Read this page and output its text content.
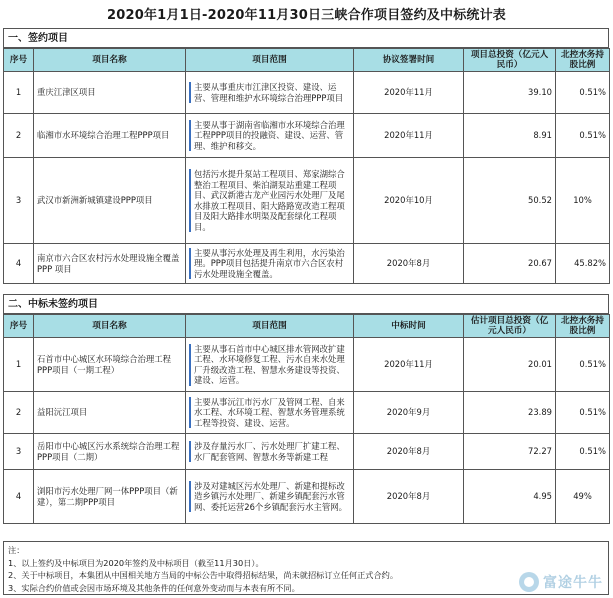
2020年1月1日-2020年11月30日三峡合作项目签约及中标统计表
一、签约项目
序号	项目名称	项目范围	协议签署时间	项目总投资（亿元人民币）	北控水务持股比例
1	重庆江津区项目	主要从事重庆市江津区投资、建设、运营、管理和维护水环境综合治理PPP项目	2020年11月	39.10	0.51%
2	临湘市水环境综合治理工程PPP项目	主要从事于湖南省临湘市水环境综合治理工程PPP项目的投融资、建设、运营、管理、维护和移交。	2020年11月	8.91	0.51%
3	武汉市新洲新城镇建设PPP项目	包括污水提升泵站工程项目、郑家湖综合整治工程项目、柴泊湖泵站重建工程项目、武汉新港古龙产业园污水处理厂及尾水排放工程项目、阳大路路宽改造工程项目及阳大路排水明渠及配套绿化工程项目。	2020年10月	50.52	10%
4	南京市六合区农村污水处理设施全覆盖 PPP 项目	主要从事污水处理及再生利用，水污染治理。PPP项目包括提升南京市六合区农村污水处理设施全覆盖。	2020年8月	20.67	45.82%
二、中标未签约项目
序号	项目名称	项目范围	中标时间	估计项目总投资（亿元人民币）	北控水务持股比例
1	石首市中心城区水环境综合治理工程PPP项目（一期工程）	主要从事石首市中心城区排水管网改扩建工程、水环境修复工程、污水自来水处理厂升级改造工程、智慧水务建设等投资、建设、运营。	2020年11月	20.01	0.51%
2	益阳沅江项目	主要从事沅江市污水厂及管网工程、自来水工程、水环境工程、智慧水务管理系统工程等投资、建设、运营。	2020年9月	23.89	0.51%
3	岳阳市中心城区污水系统综合治理工程PPP项目（二期）	涉及存量污水厂、污水处理厂扩建工程、水厂配套管网、智慧水务等新建工程	2020年8月	72.27	0.51%
4	浏阳市污水处理厂网一体PPP项目（新建），第二期PPP项目	涉及对建城区污水处理厂、新建和提标改造乡镇污水处理厂、新建乡镇配套污水管网、委托运营26个乡镇配套污水主管网。	2020年8月	4.95	49%
注：
1、以上签约及中标项目为2020年签约及中标项目（截至11月30日）。
2、关于中标项目，本集团从中国相关地方当局的中标公告中取得招标结果，尚未就招标订立任何正式合约。
3、实际合约价值或会因市场环境及其他条件的任何意外变动而与本表有所不同。	富途牛牛
